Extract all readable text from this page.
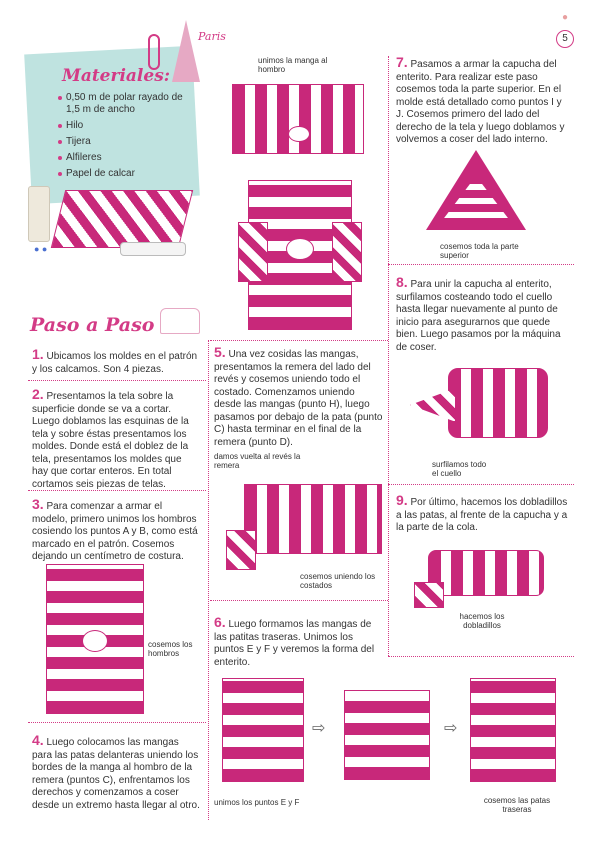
5
●
Paris
Materiales:
0,50 m de polar rayado de 1,5 m de ancho
Hilo
Tijera
Alfileres
Papel de calcar
● ●
Paso a Paso
1. Ubicamos los moldes en el patrón y los calcamos. Son 4 piezas.
2. Presentamos la tela sobre la superficie donde se va a cortar. Luego doblamos las esquinas de la tela y sobre éstas presentamos los moldes. Donde está el doblez de la tela, presentamos los moldes que hay que cortar enteros. En total cortamos seis piezas de telas.
3. Para comenzar a armar el modelo, primero unimos los hombros cosiendo los puntos A y B, como está marcado en el patrón. Cosemos dejando un centímetro de costura.
cosemos los hombros
4. Luego colocamos las mangas para las patas delanteras uniendo los bordes de la manga al hombro de la remera (puntos C), enfrentamos los derechos y comenzamos a coser desde un extremo hasta llegar al otro.
unimos la manga al hombro
5. Una vez cosidas las mangas, presentamos la remera del lado del revés y cosemos uniendo todo el costado. Comenzamos uniendo desde las mangas (punto H), luego pasamos por debajo de la pata (punto C) hasta terminar en el final de la remera (punto D).
damos vuelta al revés la remera
cosemos uniendo los costados
6. Luego formamos las mangas de las patitas traseras. Unimos los puntos E y F y veremos la forma del enterito.
unimos los puntos E y F
⇨	⇨
cosemos las patas traseras
7. Pasamos a armar la capucha del enterito. Para realizar este paso cosemos toda la parte superior. En el molde está detallado como puntos I y J. Cosemos primero del lado del derecho de la tela y luego doblamos y volvemos a coser del lado interno.
cosemos toda la parte superior
8. Para unir la capucha al enterito, surfilamos costeando todo el cuello hasta llegar nuevamente al punto de inicio para asegurarnos que quede bien. Luego pasamos por la máquina de coser.
surfilamos todo el cuello
9. Por último, hacemos los dobladillos a las patas, al frente de la capucha y a la parte de la cola.
hacemos los dobladillos
